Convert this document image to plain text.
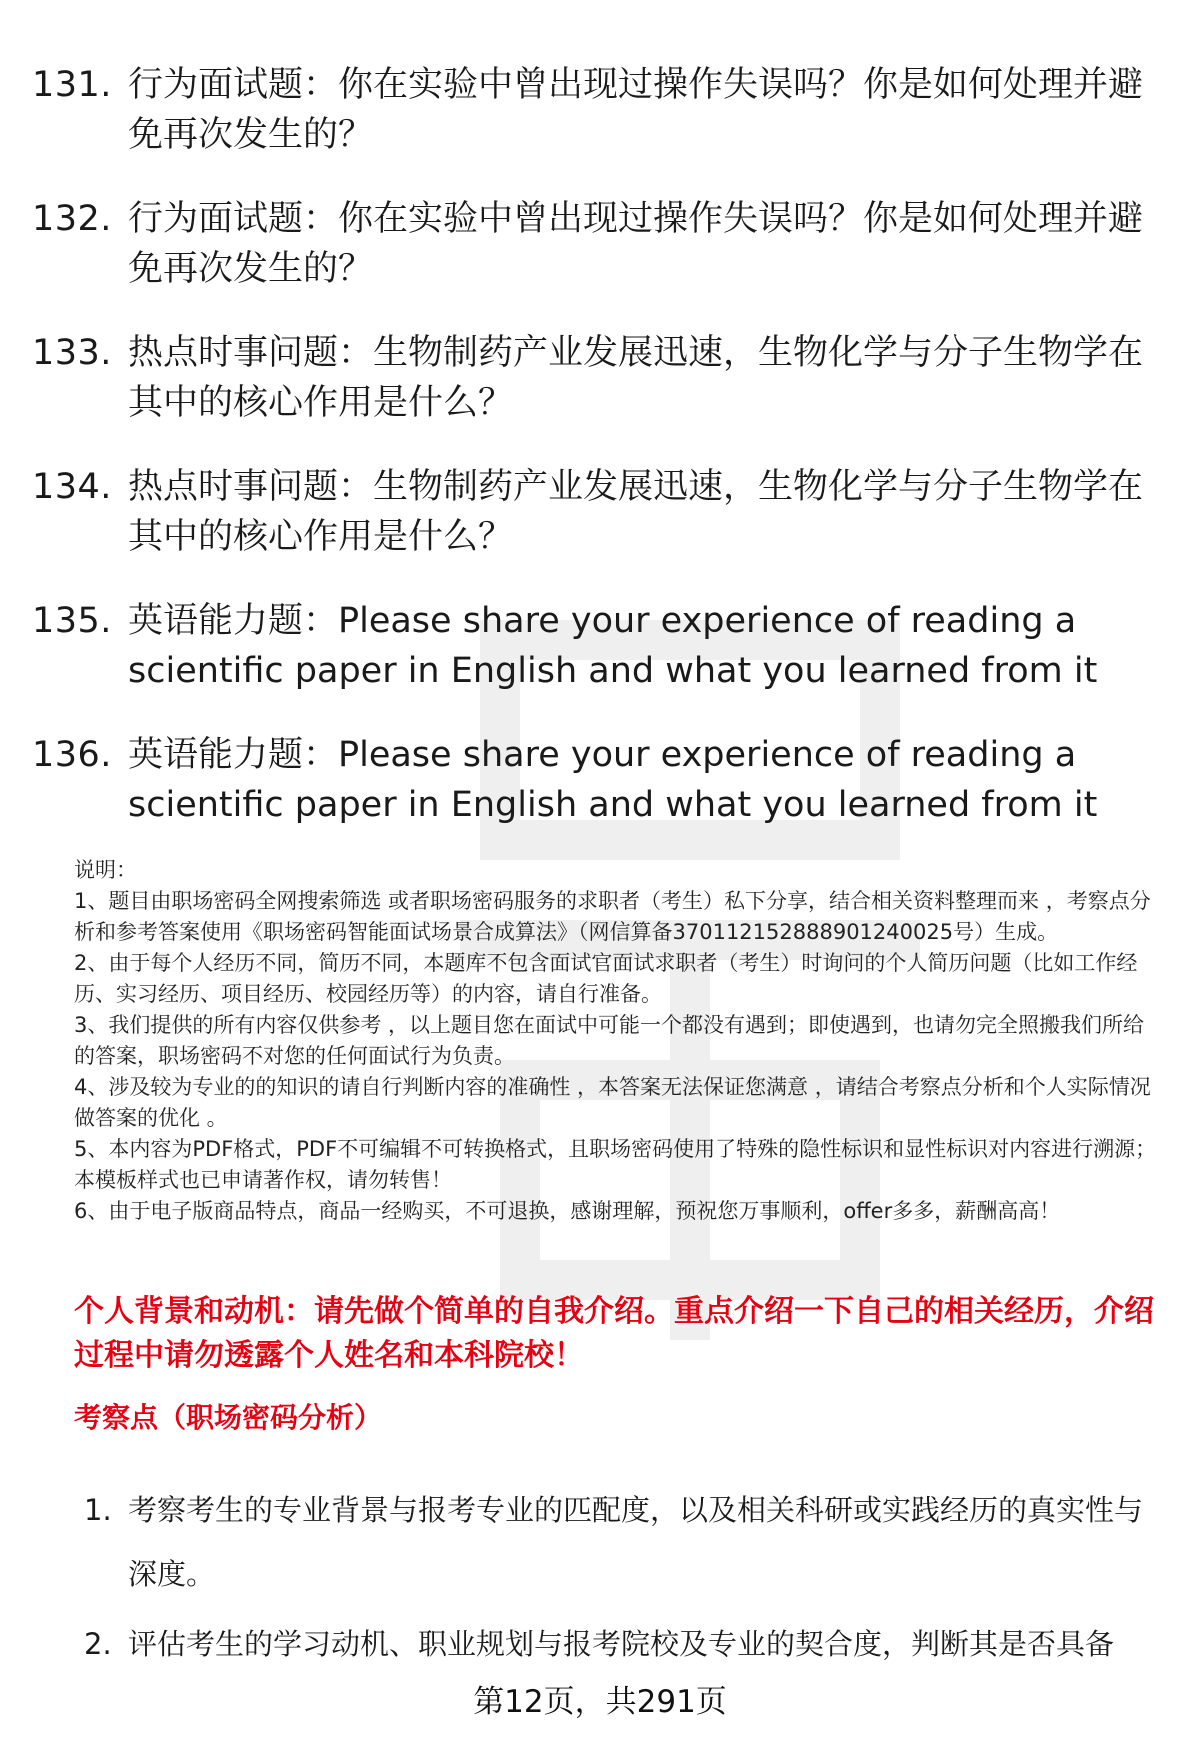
131. 行为面试题：你在实验中曾出现过操作失误吗？你是如何处理并避免再次发生的？
132. 行为面试题：你在实验中曾出现过操作失误吗？你是如何处理并避免再次发生的？
133. 热点时事问题：生物制药产业发展迅速，生物化学与分子生物学在其中的核心作用是什么？
134. 热点时事问题：生物制药产业发展迅速，生物化学与分子生物学在其中的核心作用是什么？
135. 英语能力题：Please share your experience of reading a scientific paper in English and what you learned from it
136. 英语能力题：Please share your experience of reading a scientific paper in English and what you learned from it

说明：

1、题目由职场密码全网搜索筛选 或者职场密码服务的求职者（考生）私下分享，结合相关资料整理而来 ，考察点分析和参考答案使用《职场密码智能面试场景合成算法》（网信算备370112152888901240025号）生成。

2、由于每个人经历不同，简历不同，本题库不包含面试官面试求职者（考生）时询问的个人简历问题（比如工作经历、实习经历、项目经历、校园经历等）的内容，请自行准备。

3、我们提供的所有内容仅供参考 ，以上题目您在面试中可能一个都没有遇到；即使遇到，也请勿完全照搬我们所给的答案，职场密码不对您的任何面试行为负责。

4、涉及较为专业的的知识的请自行判断内容的准确性 ，本答案无法保证您满意 ，请结合考察点分析和个人实际情况做答案的优化 。

5、本内容为PDF格式，PDF不可编辑不可转换格式，且职场密码使用了特殊的隐性标识和显性标识对内容进行溯源；本模板样式也已申请著作权，请勿转售！

6、由于电子版商品特点，商品一经购买，不可退换，感谢理解，预祝您万事顺利，offer多多，薪酬高高！

个人背景和动机：请先做个简单的自我介绍。重点介绍一下自己的相关经历，介绍过程中请勿透露个人姓名和本科院校！
考察点（职场密码分析）
1. 考察考生的专业背景与报考专业的匹配度，以及相关科研或实践经历的真实性与深度。
2. 评估考生的学习动机、职业规划与报考院校及专业的契合度，判断其是否具备
第12页，共291页
